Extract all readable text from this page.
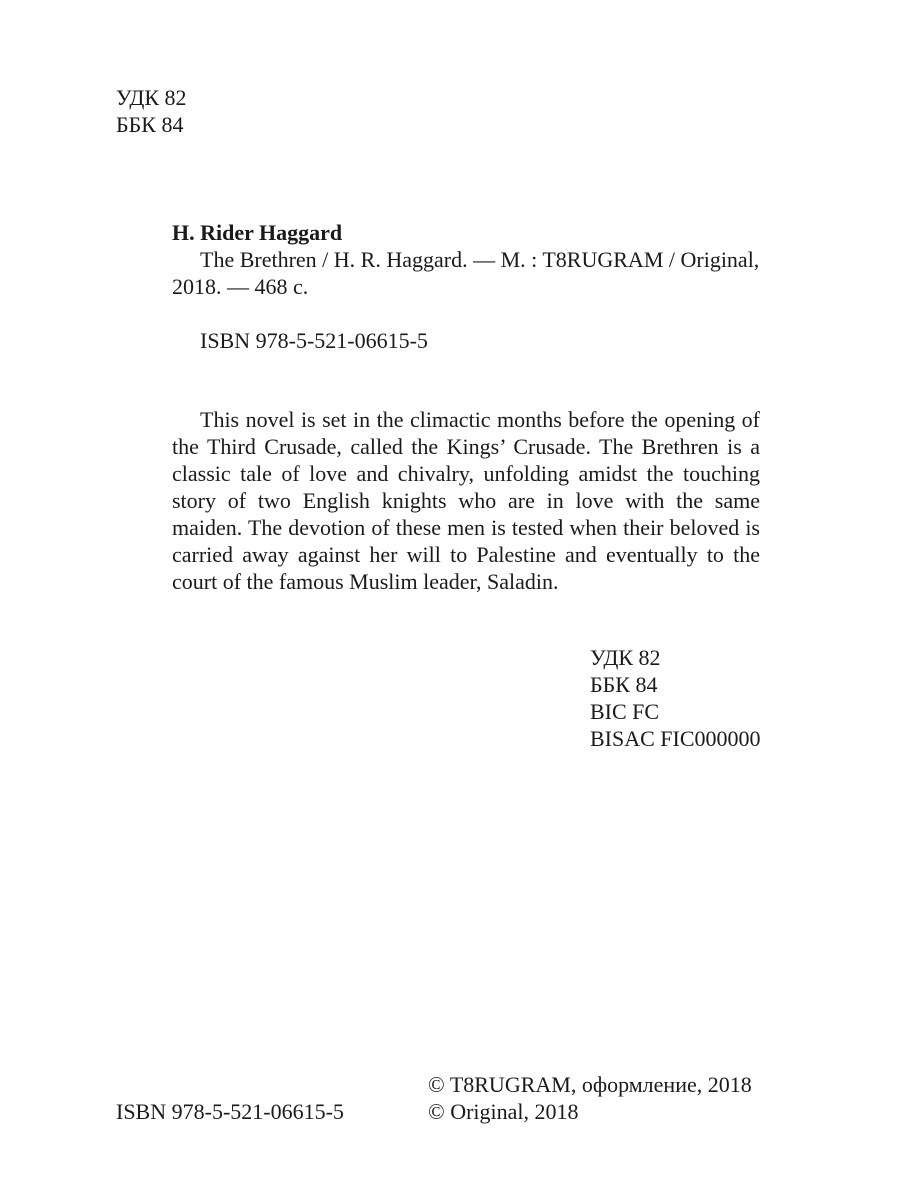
УДК 82
ББК 84
H. Rider Haggard
The Brethren / H. R. Haggard. — M. : T8RUGRAM / Original,
2018. — 468 с.
ISBN 978-5-521-06615-5

This novel is set in the climactic months before the opening of the Third Crusade, called the Kings’ Crusade. The Brethren is a classic tale of love and chivalry, unfolding amidst the touching story of two English knights who are in love with the same maiden. The devotion of these men is tested when their beloved is carried away against her will to Palestine and eventually to the court of the famous Muslim leader, Saladin.

УДК 82
ББК 84
BIC FC
BISAC FIC000000
ISBN 978-5-521-06615-5
© T8RUGRAM, оформление, 2018
© Original, 2018
